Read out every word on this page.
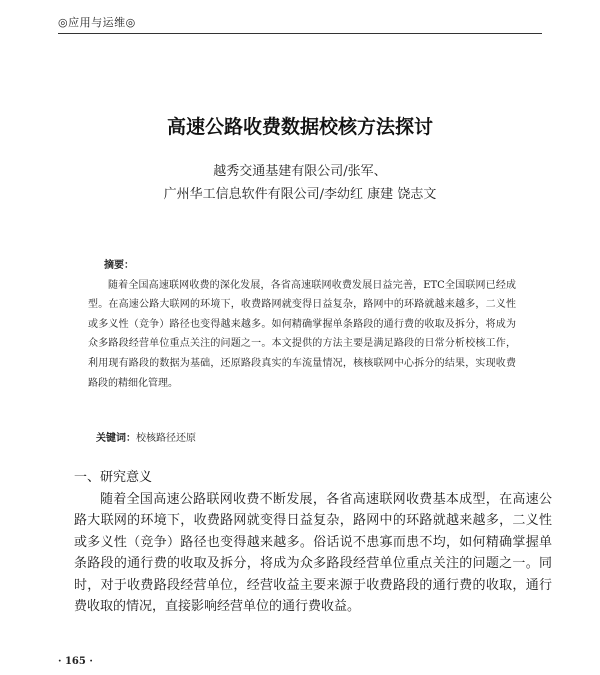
◎应用与运维◎
高速公路收费数据校核方法探讨
越秀交通基建有限公司/张军、
广州华工信息软件有限公司/李幼红 康建 饶志文
摘要：
随着全国高速联网收费的深化发展，各省高速联网收费发展日益完善，ETC全国联网已经成型。在高速公路大联网的环境下，收费路网就变得日益复杂，路网中的环路就越来越多，二义性或多义性（竞争）路径也变得越来越多。如何精确掌握单条路段的通行费的收取及拆分，将成为众多路段经营单位重点关注的问题之一。本文提供的方法主要是满足路段的日常分析校核工作，利用现有路段的数据为基础，还原路段真实的车流量情况，核核联网中心拆分的结果，实现收费路段的精细化管理。
关键词：校核路径还原
一、研究意义
随着全国高速公路联网收费不断发展，各省高速联网收费基本成型，在高速公路大联网的环境下，收费路网就变得日益复杂，路网中的环路就越来越多，二义性或多义性（竞争）路径也变得越来越多。俗话说不患寡而患不均，如何精确掌握单条路段的通行费的收取及拆分，将成为众多路段经营单位重点关注的问题之一。同时，对于收费路段经营单位，经营收益主要来源于收费路段的通行费的收取，通行费收取的情况，直接影响经营单位的通行费收益。
· 165 ·
